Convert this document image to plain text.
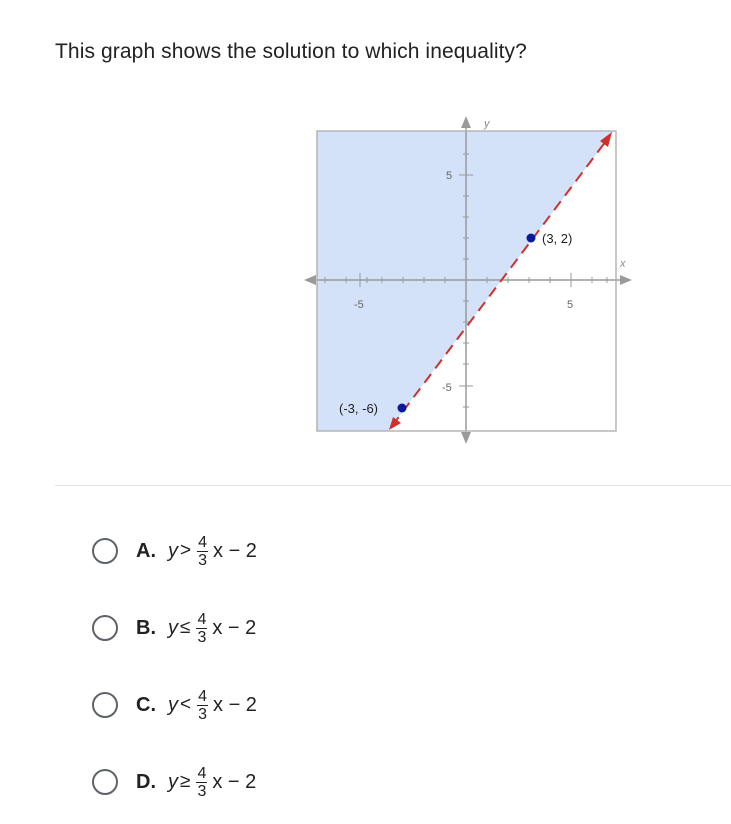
This graph shows the solution to which inequality?
y
x
-5	5
5
-5
(3, 2)
(-3, -6)
A. $y > \frac{4}{3}$ x − 2
B. $y \le \frac{4}{3}$ x − 2
C. $y < \frac{4}{3}$ x − 2
D. $y \ge \frac{4}{3}$ x − 2
